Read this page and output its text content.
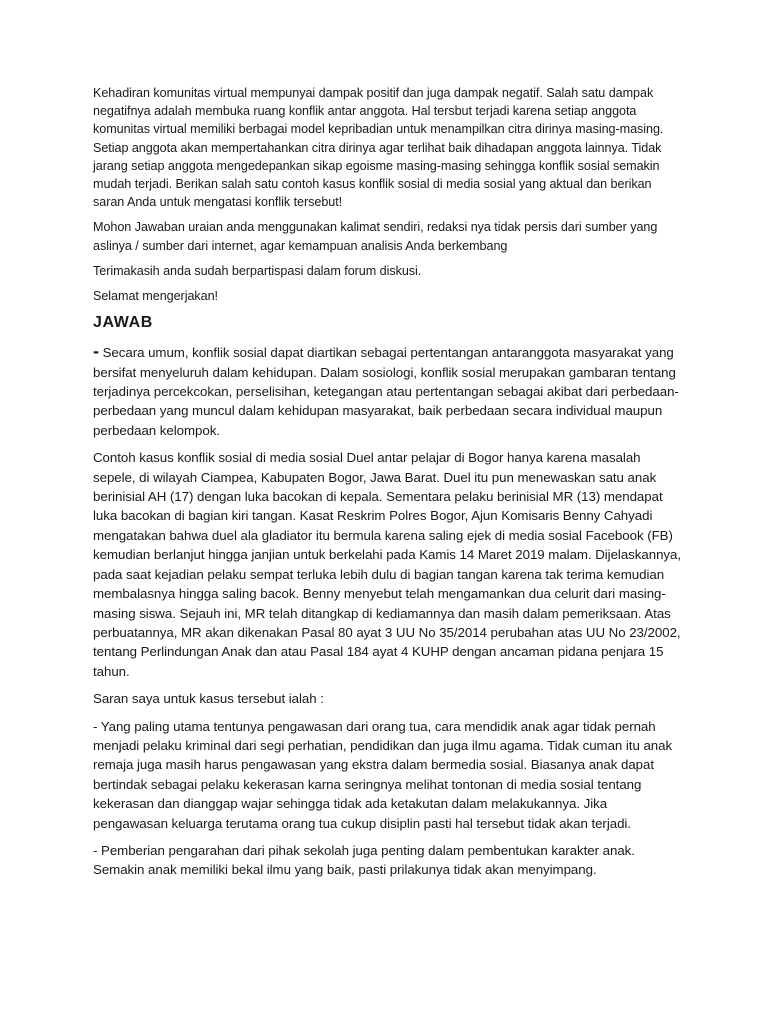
Kehadiran komunitas virtual mempunyai dampak positif dan juga dampak negatif. Salah satu dampak negatifnya adalah membuka ruang konflik antar anggota. Hal tersbut terjadi karena setiap anggota komunitas virtual memiliki berbagai model kepribadian untuk menampilkan citra dirinya masing-masing. Setiap anggota akan mempertahankan citra dirinya agar terlihat baik dihadapan anggota lainnya. Tidak jarang setiap anggota mengedepankan sikap egoisme masing-masing sehingga konflik sosial semakin mudah terjadi. Berikan salah satu contoh kasus konflik sosial di media sosial yang aktual dan berikan saran Anda untuk mengatasi konflik tersebut!

Mohon Jawaban uraian anda menggunakan kalimat sendiri, redaksi nya tidak persis dari sumber yang aslinya / sumber dari internet, agar kemampuan analisis Anda berkembang

Terimakasih anda sudah berpartispasi dalam forum diskusi.

Selamat mengerjakan!

JAWAB

- Secara umum, konflik sosial dapat diartikan sebagai pertentangan antaranggota masyarakat yang bersifat menyeluruh dalam kehidupan. Dalam sosiologi, konflik sosial merupakan gambaran tentang terjadinya percekcokan, perselisihan, ketegangan atau pertentangan sebagai akibat dari perbedaan-perbedaan yang muncul dalam kehidupan masyarakat, baik perbedaan secara individual maupun perbedaan kelompok.

Contoh kasus konflik sosial di media sosial Duel antar pelajar di Bogor hanya karena masalah sepele, di wilayah Ciampea, Kabupaten Bogor, Jawa Barat. Duel itu pun menewaskan satu anak berinisial AH (17) dengan luka bacokan di kepala. Sementara pelaku berinisial MR (13) mendapat luka bacokan di bagian kiri tangan. Kasat Reskrim Polres Bogor, Ajun Komisaris Benny Cahyadi mengatakan bahwa duel ala gladiator itu bermula karena saling ejek di media sosial Facebook (FB) kemudian berlanjut hingga janjian untuk berkelahi pada Kamis 14 Maret 2019 malam. Dijelaskannya, pada saat kejadian pelaku sempat terluka lebih dulu di bagian tangan karena tak terima kemudian membalasnya hingga saling bacok. Benny menyebut telah mengamankan dua celurit dari masing-masing siswa. Sejauh ini, MR telah ditangkap di kediamannya dan masih dalam pemeriksaan. Atas perbuatannya, MR akan dikenakan Pasal 80 ayat 3 UU No 35/2014 perubahan atas UU No 23/2002, tentang Perlindungan Anak dan atau Pasal 184 ayat 4 KUHP dengan ancaman pidana penjara 15 tahun.

Saran saya untuk kasus tersebut ialah :

- Yang paling utama tentunya pengawasan dari orang tua, cara mendidik anak agar tidak pernah menjadi pelaku kriminal dari segi perhatian, pendidikan dan juga ilmu agama. Tidak cuman itu anak remaja juga masih harus pengawasan yang ekstra dalam bermedia sosial. Biasanya anak dapat bertindak sebagai pelaku kekerasan karna seringnya melihat tontonan di media sosial tentang kekerasan dan dianggap wajar sehingga tidak ada ketakutan dalam melakukannya. Jika pengawasan keluarga terutama orang tua cukup disiplin pasti hal tersebut tidak akan terjadi.

- Pemberian pengarahan dari pihak sekolah juga penting dalam pembentukan karakter anak. Semakin anak memiliki bekal ilmu yang baik, pasti prilakunya tidak akan menyimpang.
